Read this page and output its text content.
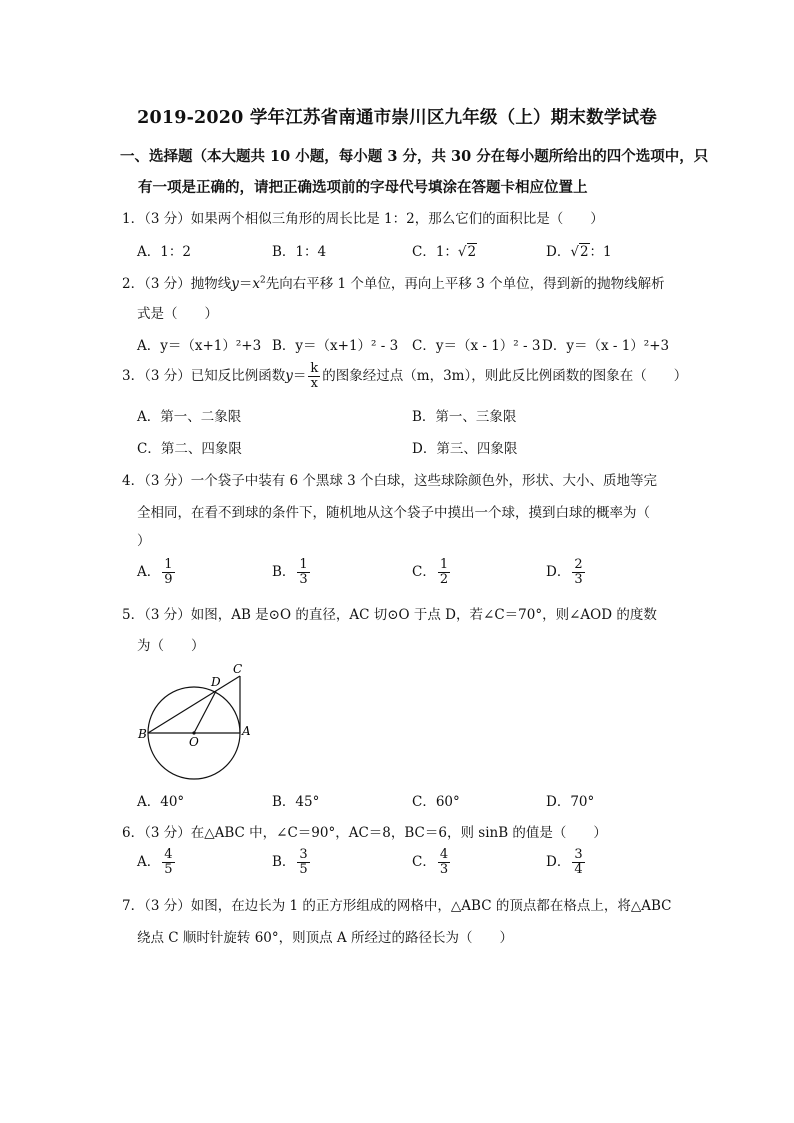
2019-2020 学年江苏省南通市崇川区九年级（上）期末数学试卷
一、选择题（本大题共 10 小题，每小题 3 分，共 30 分在每小题所给出的四个选项中，只
有一项是正确的，请把正确选项前的字母代号填涂在答题卡相应位置上
1．（3 分）如果两个相似三角形的周长比是 1：2，那么它们的面积比是（　　）
A．1：2	B．1：4	C．1：√2	D．√2：1
2．（3 分）抛物线$y=x^2$先向右平移 1 个单位，再向上平移 3 个单位，得到新的抛物线解析
式是（　　）
A．y＝（x+1）²+3 B．y＝（x+1）² - 3 C．y＝（x - 1）² - 3 D．y＝（x - 1）²+3
3．（3 分）已知反比例函数$y= \frac{k}{x}$ 的图象经过点（m，3m），则此反比例函数的图象在（　　）
A．第一、二象限	B．第一、三象限
C．第二、四象限	D．第三、四象限
4．（3 分）一个袋子中装有 6 个黑球 3 个白球，这些球除颜色外，形状、大小、质地等完
全相同，在看不到球的条件下，随机地从这个袋子中摸出一个球，摸到白球的概率为（
）
A． $\frac{1}{9}$	B． $\frac{1}{3}$	C． $\frac{1}{2}$	D． $\frac{2}{3}$
5．（3 分）如图，AB 是⊙O 的直径，AC 切⊙O 于点 D，若∠C＝70°，则∠AOD 的度数
为（　　）
B
O
A
D
C
A．40°	B．45°	C．60°	D．70°
6．（3 分）在△ABC 中，∠C＝90°，AC＝8，BC＝6，则 sinB 的值是（　　）
A． $\frac{4}{5}$	B． $\frac{3}{5}$	C． $\frac{4}{3}$	D． $\frac{3}{4}$
7．（3 分）如图，在边长为 1 的正方形组成的网格中，△ABC 的顶点都在格点上，将△ABC
绕点 C 顺时针旋转 60°，则顶点 A 所经过的路径长为（　　）
